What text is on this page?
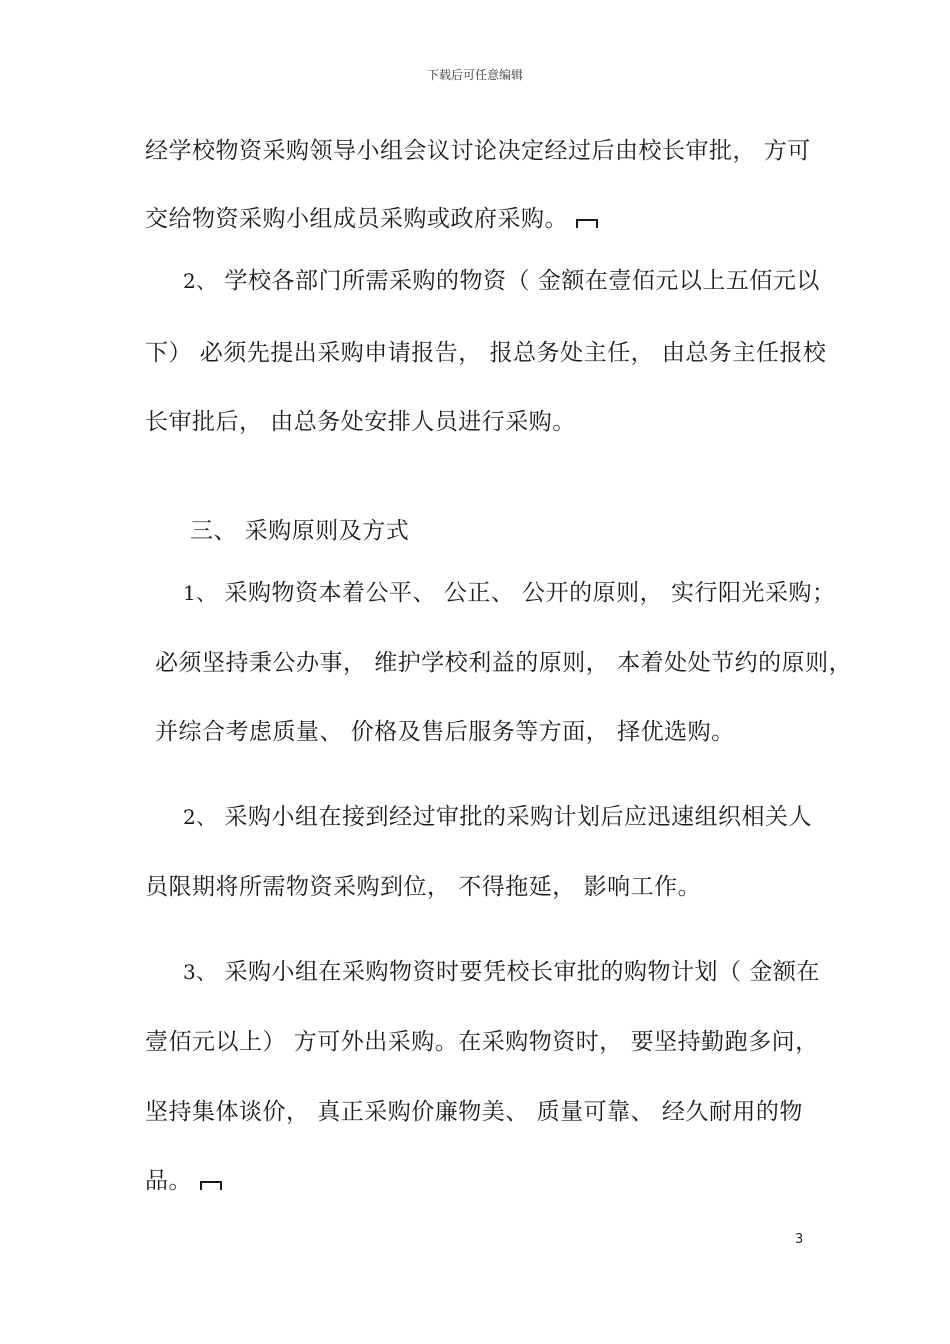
下载后可任意编辑
经学校物资采购领导小组会议讨论决定经过后由校长审批， 方可
交给物资采购小组成员采购或政府采购。
2、 学校各部门所需采购的物资（ 金额在壹佰元以上五佰元以
下） 必须先提出采购申请报告， 报总务处主任， 由总务主任报校
长审批后， 由总务处安排人员进行采购。
三、 采购原则及方式
1、 采购物资本着公平、 公正、 公开的原则， 实行阳光采购；
必须坚持秉公办事， 维护学校利益的原则， 本着处处节约的原则，
并综合考虑质量、 价格及售后服务等方面， 择优选购。
2、 采购小组在接到经过审批的采购计划后应迅速组织相关人
员限期将所需物资采购到位， 不得拖延， 影响工作。
3、 采购小组在采购物资时要凭校长审批的购物计划（ 金额在
壹佰元以上） 方可外出采购。在采购物资时， 要坚持勤跑多问，
坚持集体谈价， 真正采购价廉物美、 质量可靠、 经久耐用的物
品。
3
